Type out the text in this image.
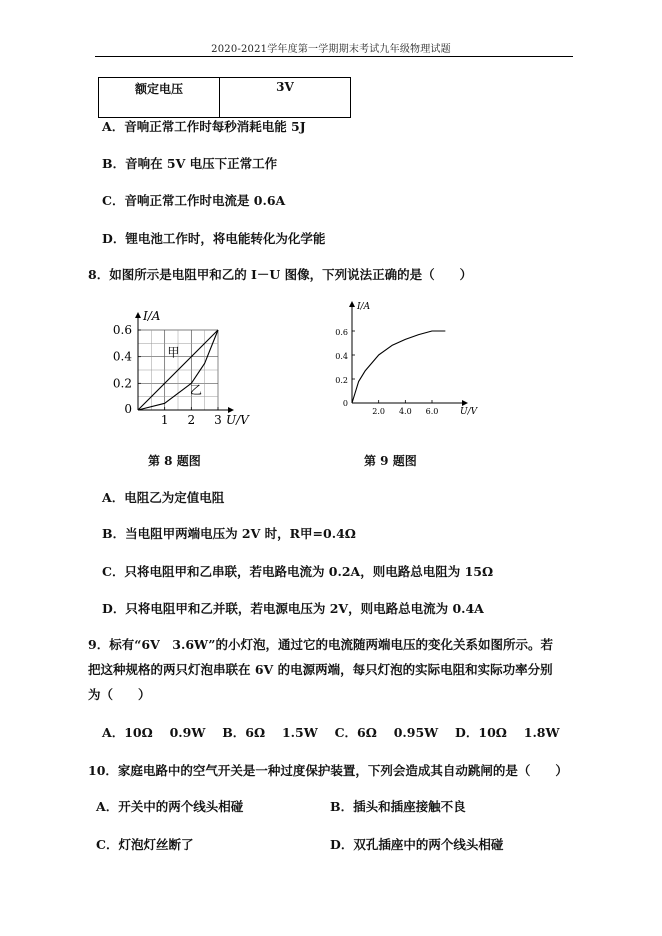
2020-2021学年度第一学期期末考试九年级物理试题
额定电压	3V
A．音响正常工作时每秒消耗电能 5J
B．音响在 5V 电压下正常工作
C．音响正常工作时电流是 0.6A
D．锂电池工作时，将电能转化为化学能
8．如图所示是电阻甲和乙的 I－U 图像，下列说法正确的是（　　）
1 2 3
0.2
0.4
0.6
0
U/V
I/A
甲
乙
2.0 4.0 6.0
0.2
0.4
0.6
0
U/V
I/A
第 8 题图	第 9 题图
A．电阻乙为定值电阻
B．当电阻甲两端电压为 2V 时，R甲=0.4Ω
C．只将电阻甲和乙串联，若电路电流为 0.2A，则电路总电阻为 15Ω
D．只将电阻甲和乙并联，若电源电压为 2V，则电路总电流为 0.4A
9．标有“6V　3.6W”的小灯泡，通过它的电流随两端电压的变化关系如图所示。若
把这种规格的两只灯泡串联在 6V 的电源两端，每只灯泡的实际电阻和实际功率分别
为（　　）
A．10Ω　 0.9W　 B．6Ω　 1.5W　 C．6Ω　 0.95W　 D．10Ω　 1.8W
10．家庭电路中的空气开关是一种过度保护装置，下列会造成其自动跳闸的是（　　）
A．开关中的两个线头相碰	B．插头和插座接触不良
C．灯泡灯丝断了	D．双孔插座中的两个线头相碰
